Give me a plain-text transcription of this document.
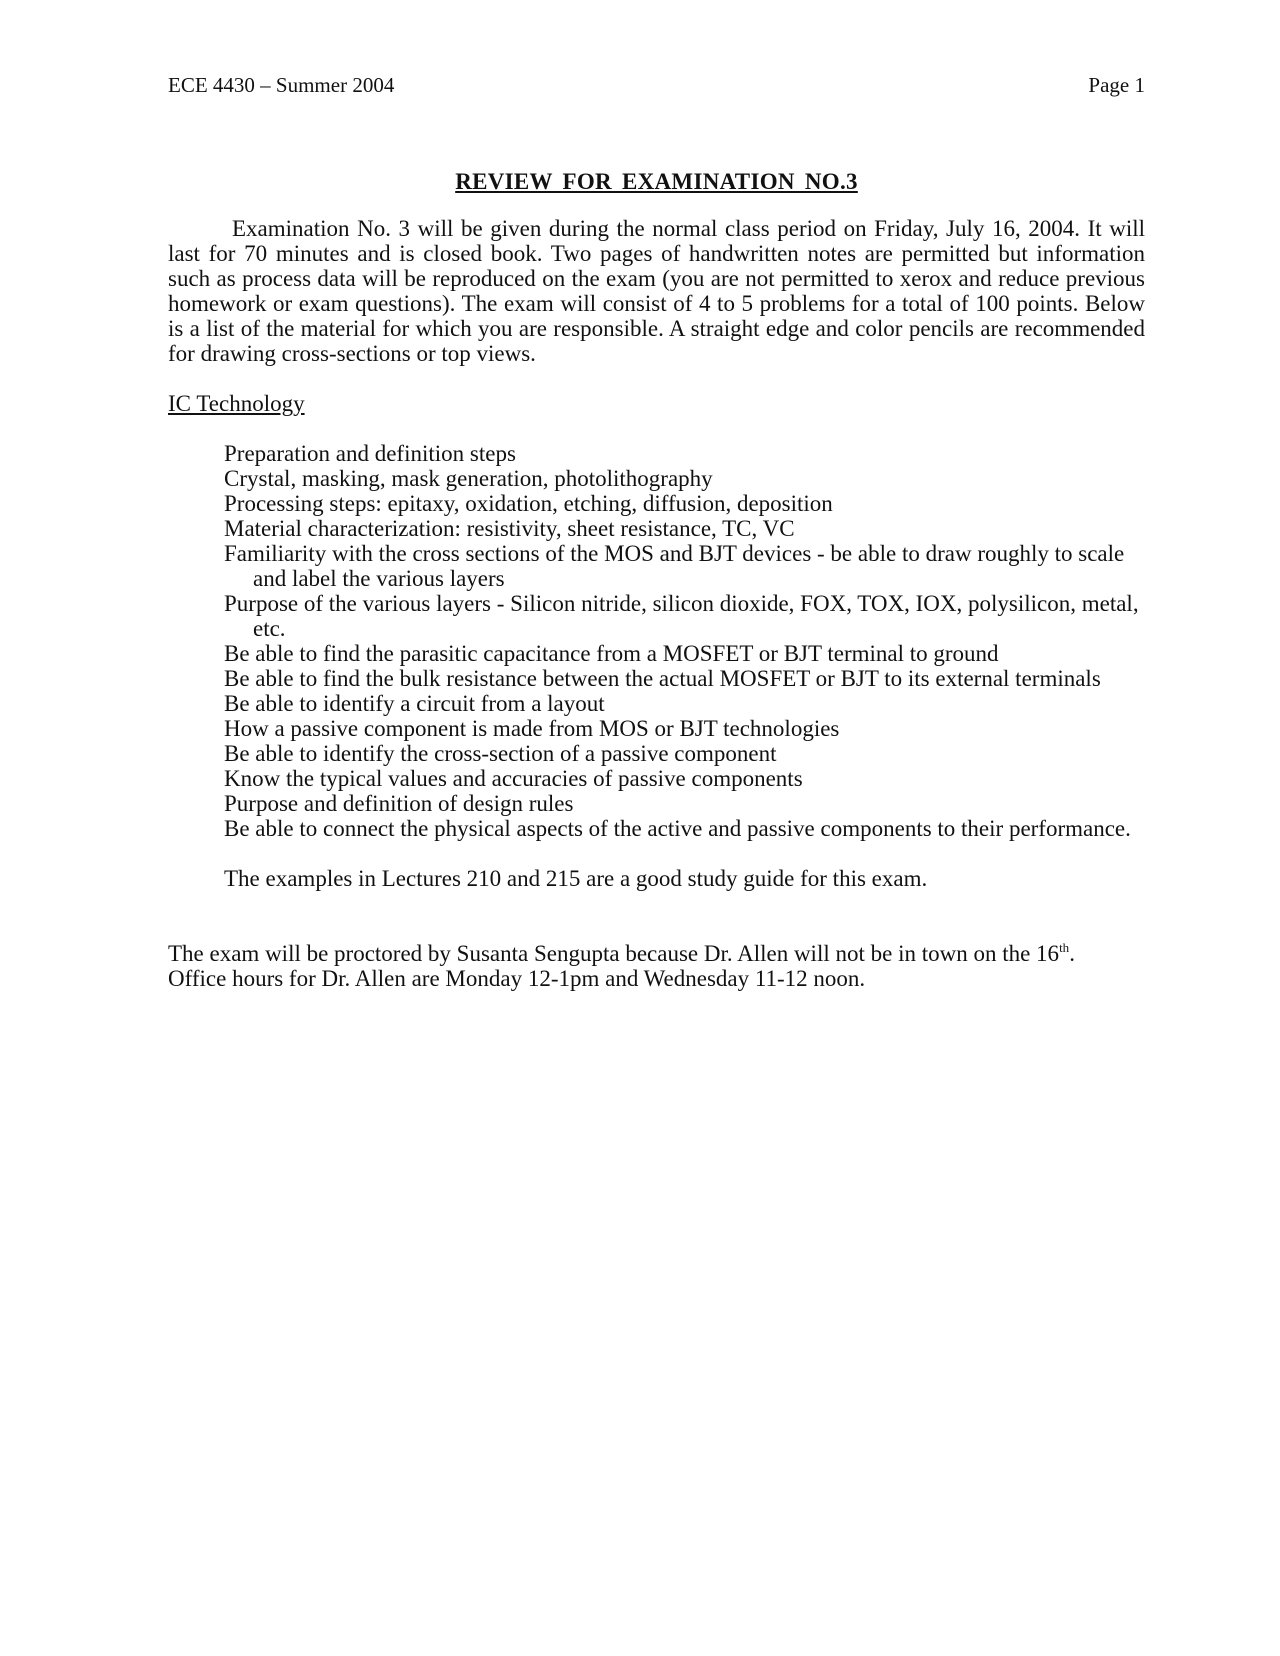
ECE 4430 – Summer 2004	Page 1
REVIEW FOR EXAMINATION NO.3

Examination No. 3 will be given during the normal class period on Friday, July 16, 2004. It will last for 70 minutes and is closed book. Two pages of handwritten notes are permitted but information such as process data will be reproduced on the exam (you are not permitted to xerox and reduce previous homework or exam questions). The exam will consist of 4 to 5 problems for a total of 100 points. Below is a list of the material for which you are responsible. A straight edge and color pencils are recommended for drawing cross-sections or top views.

IC Technology
Preparation and definition steps
Crystal, masking, mask generation, photolithography
Processing steps: epitaxy, oxidation, etching, diffusion, deposition
Material characterization: resistivity, sheet resistance, TC, VC
Familiarity with the cross sections of the MOS and BJT devices - be able to draw roughly to scale and label the various layers
Purpose of the various layers - Silicon nitride, silicon dioxide, FOX, TOX, IOX, polysilicon, metal, etc.
Be able to find the parasitic capacitance from a MOSFET or BJT terminal to ground
Be able to find the bulk resistance between the actual MOSFET or BJT to its external terminals
Be able to identify a circuit from a layout
How a passive component is made from MOS or BJT technologies
Be able to identify the cross-section of a passive component
Know the typical values and accuracies of passive components
Purpose and definition of design rules
Be able to connect the physical aspects of the active and passive components to their performance.
The examples in Lectures 210 and 215 are a good study guide for this exam.
The exam will be proctored by Susanta Sengupta because Dr. Allen will not be in town on the 16th.
Office hours for Dr. Allen are Monday 12-1pm and Wednesday 11-12 noon.
